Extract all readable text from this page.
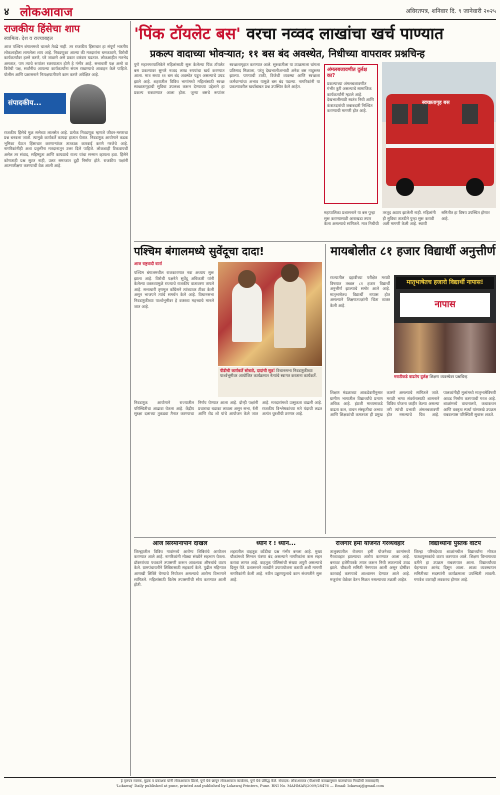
४ लोकआवाज	अविरतपत्र, शनिवार दि. ९ जानेवारी २०२५
राजकीय हिंसेचा शाप
स्वामित्व: देश व राज्याबद्दल
आज पश्चिम बंगालमध्ये चालले तेवढे नाही. तर राजकीय हिंसाचार हा संपूर्ण भारतीय लोकशाहीला लागलेला शाप आहे. निवडणुका आल्या की मतदारांना धमकावणे, विरोधी कार्यकर्त्यांवर हल्ले करणे, घरे जाळणे असे प्रकार वारंवार घडतात. लोकशाहीत मतभेद असतात, पण त्याचे रूपांतर रक्तपातात होणे हे गंभीर आहे. सत्ताधारी पक्ष असो वा विरोधी पक्ष, सर्वांनीच आपल्या कार्यकर्त्यांना संयम राखण्याचे आवाहन केले पाहिजे. पोलीस आणि प्रशासनाने निःपक्षपातीपणे काम करणे अपेक्षित आहे.
संपादकीय...
राजकीय हिंसेचे मूळ सत्तेच्या लालसेत आहे. प्रत्येक निवडणूक म्हणजे जीवन-मरणाचा प्रश्न बनवला जातो. त्यामुळे कार्यकर्ते कायदा हातात घेतात. निवडणूक आयोगाने कडक भूमिका घेऊन हिंसाचार करणाऱ्यांवर तात्काळ कारवाई करणे गरजेचे आहे. नागरिकांनीही अशा प्रवृत्तींना मतदानातून उत्तर दिले पाहिजे. लोकशाही टिकवायची असेल तर संवाद, सहिष्णुता आणि कायद्याचे राज्य यांचा सन्मान व्हायला हवा. हिंसेने कोणताही प्रश्न सुटत नाही, उलट समाजात दुही निर्माण होते. राजकीय पक्षांनी आत्मपरीक्षण करण्याची वेळ आली आहे.
'पिंक टॉयलेट बस' वरचा नव्वद लाखांचा खर्च पाण्यात
प्रकल्प वादाच्या भोवऱ्यात; ११ बस बंद अवस्थेत, निधीच्या वापरावर प्रश्नचिन्ह
पुणे महानगरपालिकेने महिलांसाठी सुरू केलेल्या पिंक टॉयलेट बस प्रकल्पावर सुमारे नव्वद लाख रुपयांचा खर्च करण्यात आला. मात्र सध्या ११ बस बंद अवस्थेत पडून असल्याचे उघड झाले आहे. शहरातील विविध भागांमध्ये महिलांसाठी स्वच्छ स्वच्छतागृहाची सुविधा उपलब्ध करून देण्याच्या उद्देशाने हा प्रकल्प राबवण्यात आला होता. जुन्या बसचे रूपांतर स्वच्छतागृहात करण्यात आले. सुरुवातीला या उपक्रमाला चांगला प्रतिसाद मिळाला, परंतु देखभालीअभावी अनेक बस नादुरुस्त झाल्या. पाण्याची टाकी, विजेची व्यवस्था आणि स्वच्छता कर्मचाऱ्यांचा अभाव यामुळे बस बंद पडल्या. नागरिकांनी या प्रकल्पावरील खर्चाबाबत प्रश्न उपस्थित केले आहेत.
अंमलबजावणीत दुर्लक्ष का?
प्रकल्पाच्या अंमलबजावणीत गंभीर त्रुटी असल्याचे सामाजिक कार्यकर्त्यांनी म्हटले आहे. देखभालीसाठी स्वतंत्र निधी आणि कंत्राटदारांची जबाबदारी निश्चित करण्याची मागणी होत आहे.
स्वच्छतागृह बस
महापालिका प्रशासनाने या बस पुन्हा सुरू करण्यासाठी आराखडा तयार केला असल्याचे सांगितले. मात्र निधीची तरतूद अद्याप झालेली नाही. महिलांनी ही सुविधा तातडीने पुन्हा सुरू करावी अशी मागणी केली आहे. स्थायी समितीत हा विषय उपस्थित होणार आहे.
पश्चिम बंगालमध्ये सुवेंदूचा दादा!
आज राष्ट्रवादी वार्ता
पश्चिम बंगालमधील राजकारणात नवा अध्याय सुरू झाला आहे. विरोधी पक्षनेते सुवेंदू अधिकारी यांनी केलेल्या वक्तव्यामुळे राज्याचे राजकीय वातावरण तापले आहे. सत्ताधारी तृणमूल काँग्रेसने त्यांच्यावर टीका केली असून भाजपने त्यांचे समर्थन केले आहे. विधानसभा निवडणुकीच्या पार्श्वभूमीवर हे वक्तव्य महत्त्वाचे मानले जात आहे.
पीडीची कार्यकर्ते सोबतो, दादांची सूत्र! विधानसभा निवडणुकीच्या पार्श्वभूमीवर आयोजित कार्यक्रमात नेत्यांचे स्वागत करताना कार्यकर्ते.
निवडणूक आयोगाने राज्यातील परिस्थितीचा आढावा घेतला आहे. केंद्रीय सुरक्षा दलाच्या तुकड्या तैनात करण्याचा निर्णय घेण्यात आला आहे. दोन्ही पक्षांनी प्रचाराचा धडाका लावला असून सभा, रॅली आणि रोड शो यांचे आयोजन केले जात आहे. मतदारांमध्ये उत्सुकता वाढली आहे. राजकीय विश्लेषकांच्या मते यंदाची लढत अत्यंत चुरशीची ठरणार आहे.
मायबोलीत ८१ हजार विद्यार्थी अनुत्तीर्ण
राज्यातील दहावीच्या परीक्षेत मराठी विषयात तब्बल ८१ हजार विद्यार्थी अनुत्तीर्ण झाल्याचे समोर आले आहे. मातृभाषेतच विद्यार्थी नापास होत असल्याने शिक्षणतज्ज्ञांनी चिंता व्यक्त केली आहे.
मातृभाषेतच हजारो विद्यार्थी नापास!
नापास
मराठीकडे वाढतेय दुर्लक्ष शिक्षण व्यवस्थेवर प्रश्नचिन्ह
शिक्षण मंडळाच्या आकडेवारीनुसार ग्रामीण भागातील विद्यार्थ्यांचे प्रमाण अधिक आहे. इंग्रजी माध्यमाकडे वाढता कल, वाचन संस्कृतीचा अभाव आणि शिक्षकांची कमतरता ही प्रमुख कारणे असल्याचे सांगितले जाते. मराठी भाषा संवर्धनासाठी शासनाने विविध योजना जाहीर केल्या असल्या तरी त्यांची प्रभावी अंमलबजावणी होत नसल्याचे चित्र आहे. पालकांनीही मुलांमध्ये मातृभाषेविषयी आवड निर्माण करण्याची गरज आहे. शाळांमध्ये वाचनालये, कथाकथन आणि वक्तृत्व स्पर्धा यांसारखे उपक्रम राबवल्यास परिस्थिती सुधारू शकते.
आज सिरमानापाने दाखल
जिल्ह्यातील विविध गावांमध्ये आरोग्य शिबिरांचे आयोजन करण्यात आले आहे. नागरिकांनी मोठ्या संख्येने सहभाग घेतला. डॉक्टरांच्या पथकाने तपासणी करून आवश्यक औषधांचे वाटप केले. ग्रामपंचायतीने शिबिरासाठी सहकार्य केले. पुढील महिन्यात आणखी शिबिरे घेण्याचे नियोजन असल्याचे आरोग्य विभागाने सांगितले. महिलांसाठी विशेष तपासणीची सोय करण्यात आली होती.
ध्यान रे ! ध्यान...
शहरातील वाहतूक कोंडीचा प्रश्न गंभीर बनला आहे. मुख्य चौकांमध्ये सिग्नल यंत्रणा बंद असल्याने नागरिकांना त्रास सहन करावा लागत आहे. वाहतूक पोलिसांची संख्या अपुरी असल्याचे दिसून येते. प्रशासनाने तातडीने उपाययोजना करावी अशी मागणी नागरिकांनी केली आहे. नवीन उड्डाणपुलाचे काम संथगतीने सुरू आहे.
रोजगार हमी योजनेत गैरव्यवहार
तालुक्यातील रोजगार हमी योजनेच्या कामांमध्ये गैरव्यवहार झाल्याचा आरोप करण्यात आला आहे. बनावट हजेरीपत्रके तयार करून निधी लाटल्याचे उघड झाले. चौकशी समिती नेमण्यात आली असून दोषींवर कारवाई करण्याचे आश्वासन देण्यात आले आहे. मजुरांना वेळेवर वेतन मिळत नसल्याच्या तक्रारी आहेत.
विद्यार्थ्यांना पुस्तक वाटप
जिल्हा परिषदेच्या शाळांमधील विद्यार्थ्यांना मोफत पाठ्यपुस्तकांचे वाटप करण्यात आले. शिक्षण विभागाच्या वतीने हा उपक्रम राबवण्यात आला. विद्यार्थ्यांच्या चेहऱ्यावर आनंद दिसून आला. शाळा व्यवस्थापन समितीच्या सदस्यांनी कार्यक्रमाला उपस्थिती लावली. गणवेश वाटपही लवकरच होणार आहे.
हे वृत्तपत्र मालक, मुद्रक व प्रकाशक यांनी लोकआवाज प्रिंटर्स, पुणे येथे छापून लोकआवाज कार्यालय, पुणे येथे प्रसिद्ध केले. संपादक: लोकआवाज (पीआरबी कायद्यानुसार बातम्यांच्या निवडीची जबाबदारी)
'Lokawaj' Daily published at pune, printed and published by Lokawaj Printers, Pune. RNI No. MAHMAR/2009/28476 — Email: lokawaj@gmail.com
